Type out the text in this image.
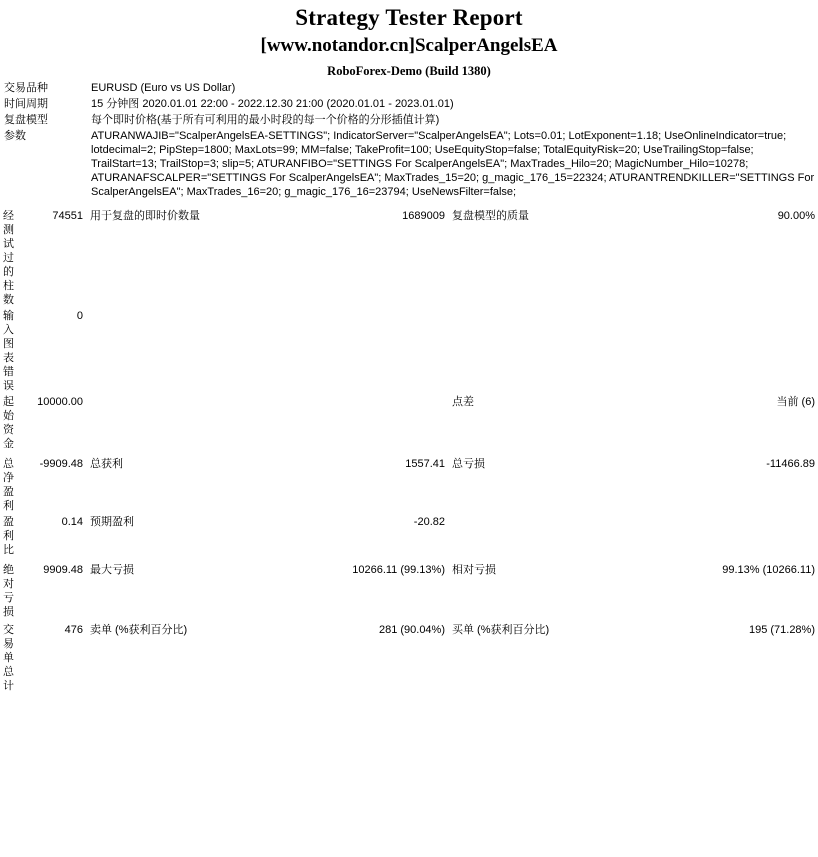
Strategy Tester Report
[www.notandor.cn]ScalperAngelsEA
RoboForex-Demo (Build 1380)
交易品种	EURUSD (Euro vs US Dollar)
时间周期	15 分钟图 2020.01.01 22:00 - 2022.12.30 21:00 (2020.01.01 - 2023.01.01)
复盘模型	每个即时价格(基于所有可利用的最小时段的每一个价格的分形插值计算)
参数	ATURANWAJIB="ScalperAngelsEA-SETTINGS"; IndicatorServer="ScalperAngelsEA"; Lots=0.01; LotExponent=1.18; UseOnlineIndicator=true; lotdecimal=2; PipStep=1800; MaxLots=99; MM=false; TakeProfit=100; UseEquityStop=false; TotalEquityRisk=20; UseTrailingStop=false; TrailStart=13; TrailStop=3; slip=5; ATURANFIBO="SETTINGS For ScalperAngelsEA"; MaxTrades_Hilo=20; MagicNumber_Hilo=10278; ATURANAFSCALPER="SETTINGS For ScalperAngelsEA"; MaxTrades_15=20; g_magic_176_15=22324; ATURANTRENDKILLER="SETTINGS For ScalperAngelsEA"; MaxTrades_16=20; g_magic_176_16=23794; UseNewsFilter=false;

经测试过的柱数	74551	用于复盘的即时价数量	1689009	复盘模型的质量	90.00%
输入图表错误	0				
起始资金	10000.00			点差	当前 (6)
总净盈利	-9909.48	总获利	1557.41	总亏损	-11466.89
盈利比	0.14	预期盈利	-20.82		
绝对亏损	9909.48	最大亏损	10266.11 (99.13%)	相对亏损	99.13% (10266.11)
交易单总计	476	卖单 (%获利百分比)	281 (90.04%)	买单 (%获利百分比)	195 (71.28%)
